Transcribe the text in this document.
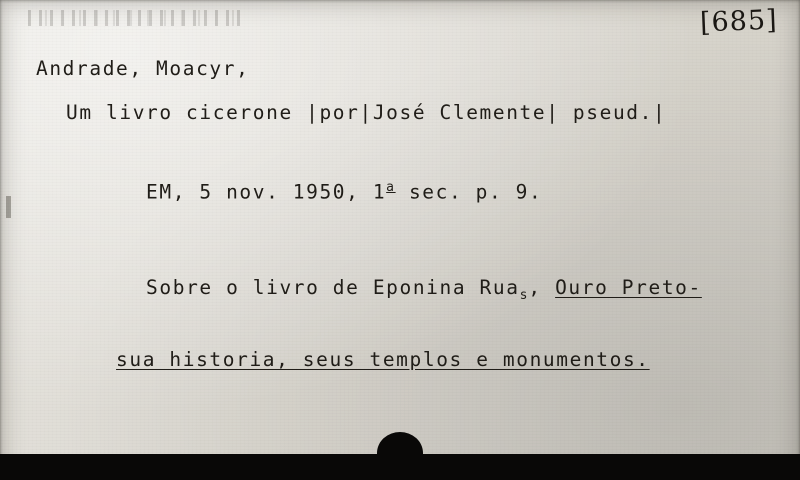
[685]

Andrade, Moacyr,

Um livro cicerone |por|José Clemente| pseud.|

EM, 5 nov. 1950, 1$^a$ sec. p. 9.

Sobre o livro de Eponina Rua$_s$, Ouro Preto-

sua historia, seus templos e monumentos.
